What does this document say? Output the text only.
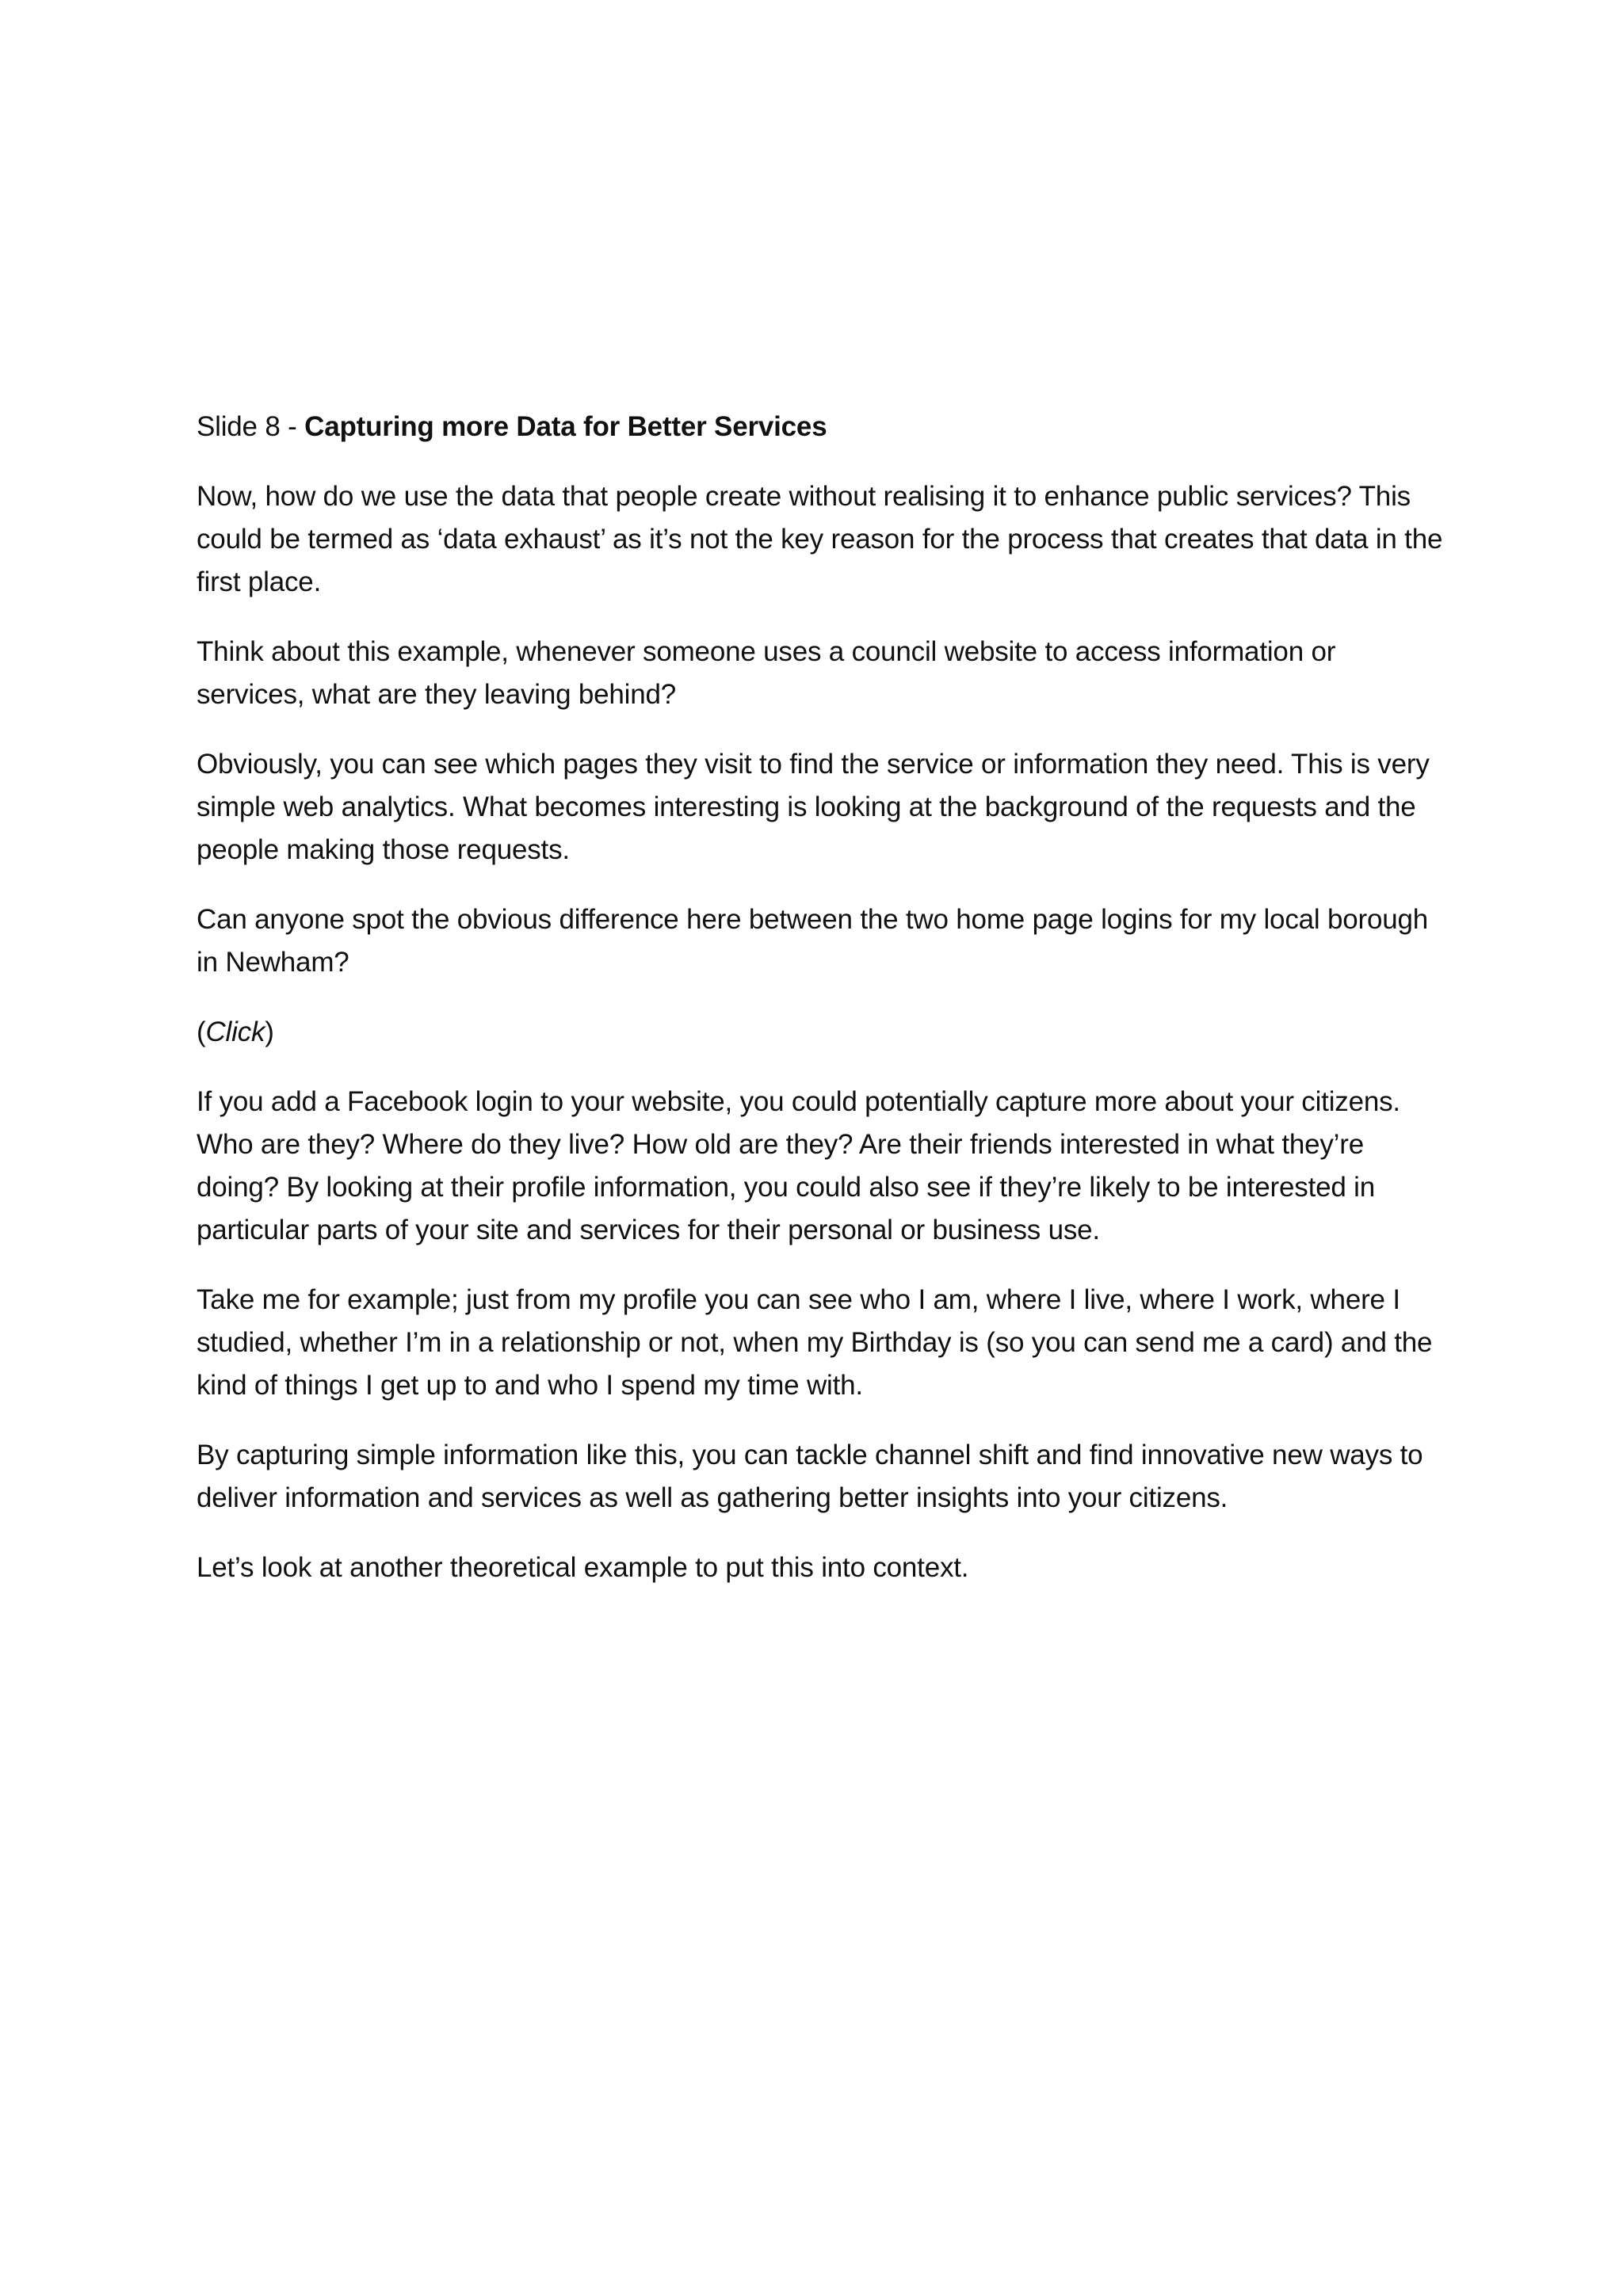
Slide 8 - Capturing more Data for Better Services

Now, how do we use the data that people create without realising it to enhance public services? This could be termed as ‘data exhaust’ as it’s not the key reason for the process that creates that data in the first place.

Think about this example, whenever someone uses a council website to access information or services, what are they leaving behind?

Obviously, you can see which pages they visit to find the service or information they need. This is very simple web analytics. What becomes interesting is looking at the background of the requests and the people making those requests.

Can anyone spot the obvious difference here between the two home page logins for my local borough in Newham?

(Click)

If you add a Facebook login to your website, you could potentially capture more about your citizens. Who are they? Where do they live? How old are they? Are their friends interested in what they’re doing? By looking at their profile information, you could also see if they’re likely to be interested in particular parts of your site and services for their personal or business use.

Take me for example; just from my profile you can see who I am, where I live, where I work, where I studied, whether I’m in a relationship or not, when my Birthday is (so you can send me a card) and the kind of things I get up to and who I spend my time with.

By capturing simple information like this, you can tackle channel shift and find innovative new ways to deliver information and services as well as gathering better insights into your citizens.

Let’s look at another theoretical example to put this into context.
